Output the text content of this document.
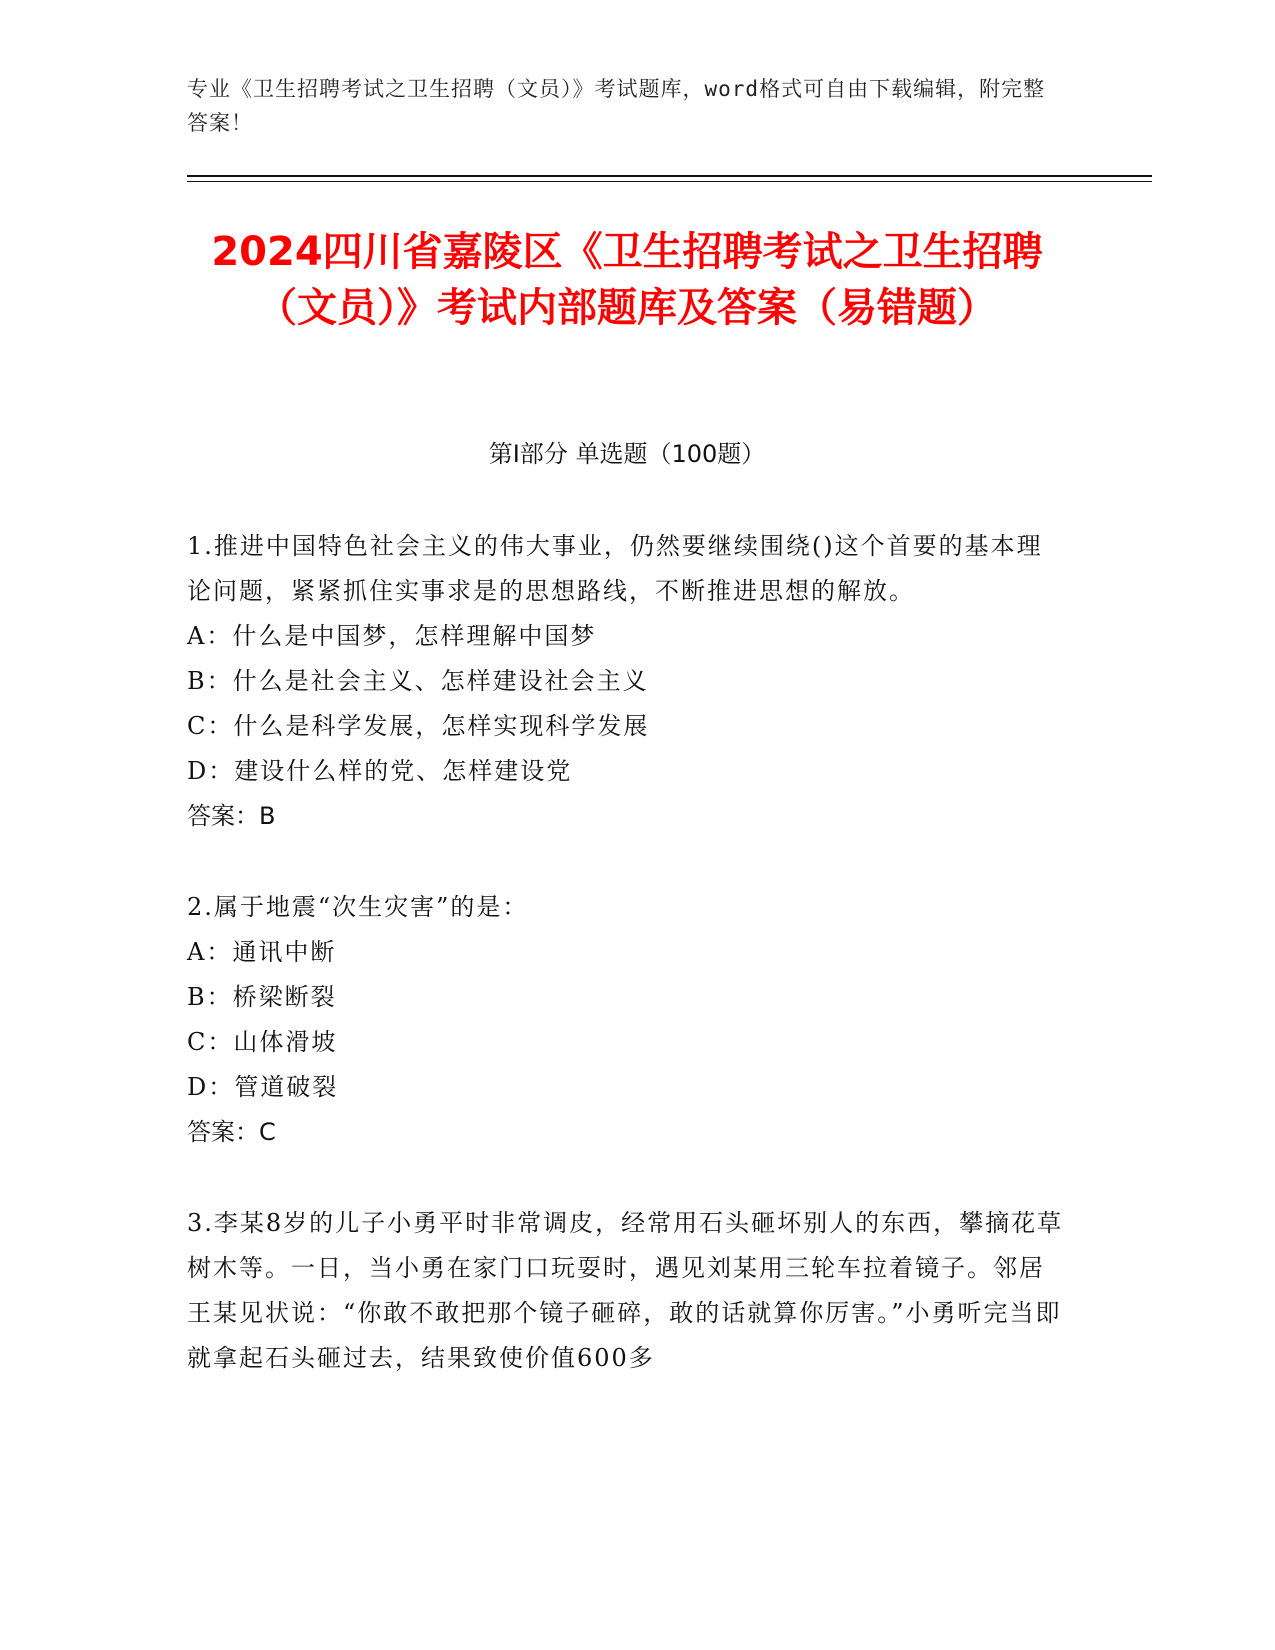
专业《卫生招聘考试之卫生招聘（文员）》考试题库，word格式可自由下载编辑，附完整答案！
2024四川省嘉陵区《卫生招聘考试之卫生招聘（文员）》考试内部题库及答案（易错题）
第I部分 单选题（100题）

1.推进中国特色社会主义的伟大事业，仍然要继续围绕()这个首要的基本理论问题，紧紧抓住实事求是的思想路线，不断推进思想的解放。

A：什么是中国梦，怎样理解中国梦

B：什么是社会主义、怎样建设社会主义

C：什么是科学发展，怎样实现科学发展

D：建设什么样的党、怎样建设党

答案：B

2.属于地震“次生灾害”的是：

A：通讯中断

B：桥梁断裂

C：山体滑坡

D：管道破裂

答案：C

3.李某8岁的儿子小勇平时非常调皮，经常用石头砸坏别人的东西，攀摘花草树木等。一日，当小勇在家门口玩耍时，遇见刘某用三轮车拉着镜子。邻居王某见状说：“你敢不敢把那个镜子砸碎，敢的话就算你厉害。”小勇听完当即就拿起石头砸过去，结果致使价值600多
